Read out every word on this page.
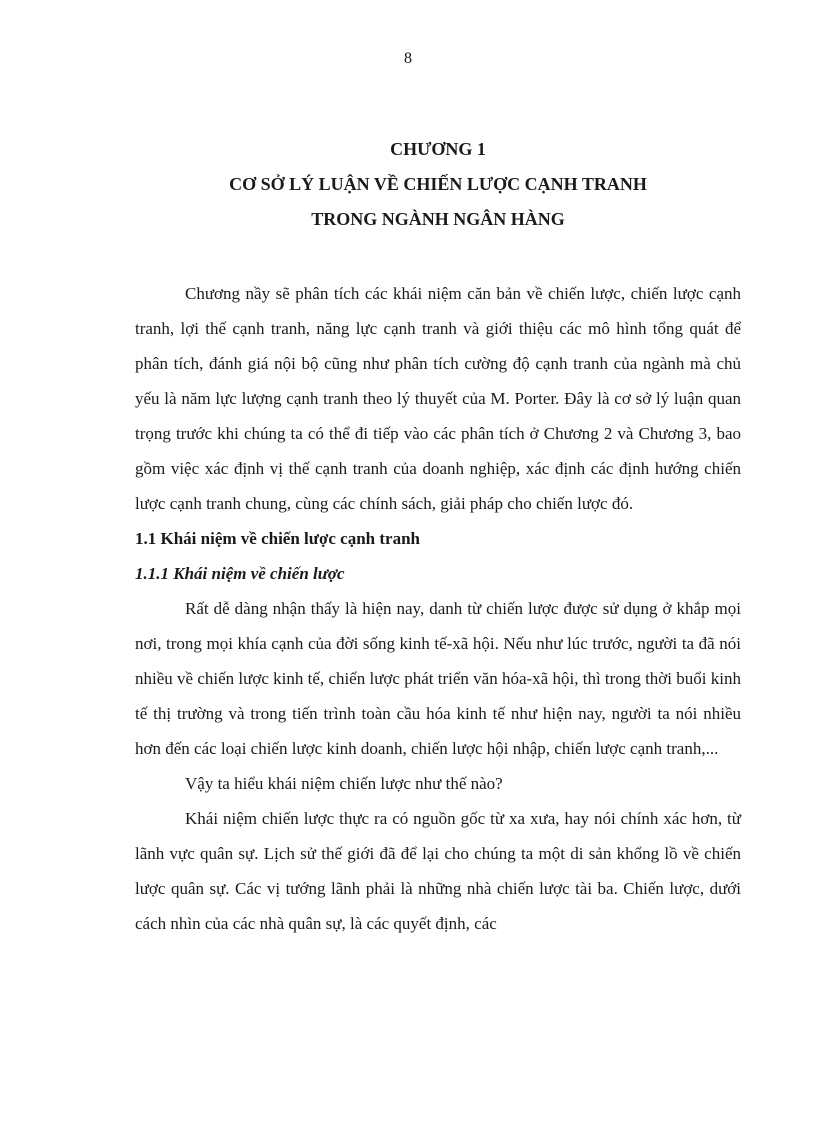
8
CHƯƠNG 1
CƠ SỞ LÝ LUẬN VỀ CHIẾN LƯỢC CẠNH TRANH
TRONG NGÀNH NGÂN HÀNG

Chương nầy sẽ phân tích các khái niệm căn bản về chiến lược, chiến lược cạnh tranh, lợi thế cạnh tranh, năng lực cạnh tranh và giới thiệu các mô hình tổng quát để phân tích, đánh giá nội bộ cũng như phân tích cường độ cạnh tranh của ngành mà chủ yếu là năm lực lượng cạnh tranh theo lý thuyết của M. Porter. Đây là cơ sở lý luận quan trọng trước khi chúng ta có thể đi tiếp vào các phân tích ở Chương 2 và Chương 3, bao gồm việc xác định vị thế cạnh tranh của doanh nghiệp, xác định các định hướng chiến lược cạnh tranh chung, cùng các chính sách, giải pháp cho chiến lược đó.

1.1 Khái niệm về chiến lược cạnh tranh

1.1.1 Khái niệm về chiến lược

Rất dễ dàng nhận thấy là hiện nay, danh từ chiến lược được sử dụng ở khắp mọi nơi, trong mọi khía cạnh của đời sống kinh tế-xã hội. Nếu như lúc trước, người ta đã nói nhiều về chiến lược kinh tế, chiến lược phát triển văn hóa-xã hội, thì trong thời buổi kinh tế thị trường và trong tiến trình toàn cầu hóa kinh tế như hiện nay, người ta nói nhiều hơn đến các loại chiến lược kinh doanh, chiến lược hội nhập, chiến lược cạnh tranh,...

Vậy ta hiểu khái niệm chiến lược như thế nào?

Khái niệm chiến lược thực ra có nguồn gốc từ xa xưa, hay nói chính xác hơn, từ lãnh vực quân sự. Lịch sử thế giới đã để lại cho chúng ta một di sản khổng lồ về chiến lược quân sự. Các vị tướng lãnh phải là những nhà chiến lược tài ba. Chiến lược, dưới cách nhìn của các nhà quân sự, là các quyết định, các
